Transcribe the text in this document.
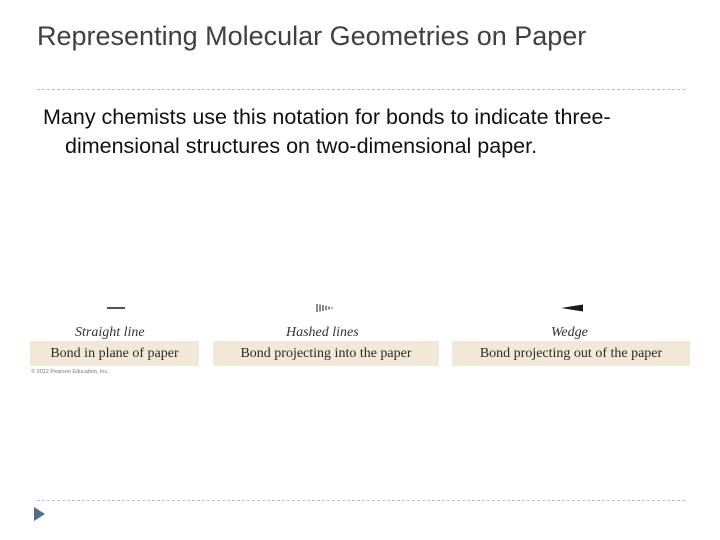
Representing Molecular Geometries on Paper
Many chemists use this notation for bonds to indicate three-dimensional structures on two-dimensional paper.
Straight line
Bond in plane of paper
Hashed lines
Bond projecting into the paper
Wedge
Bond projecting out of the paper
© 2012 Pearson Education, Inc.
